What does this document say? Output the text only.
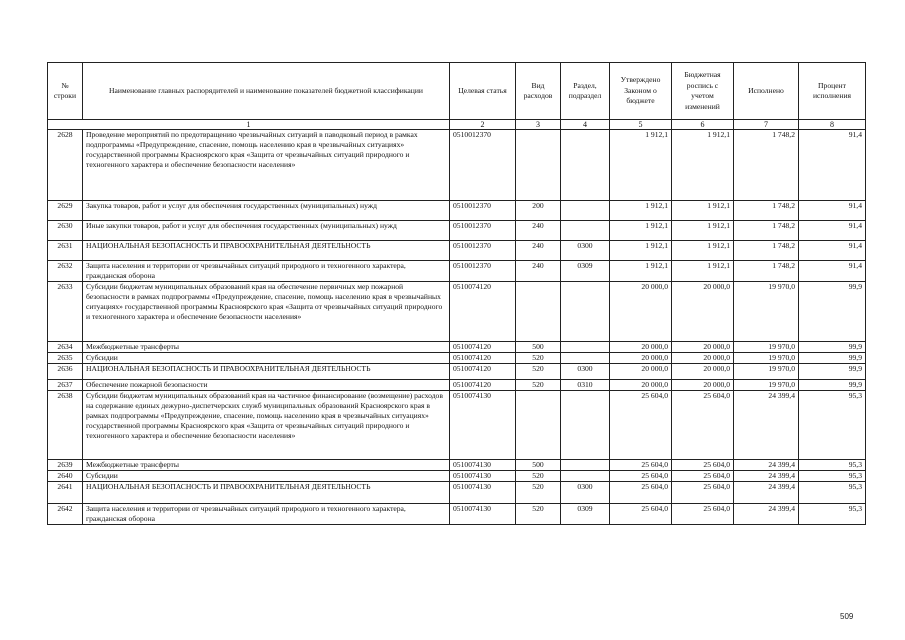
№ строки	Наименование главных распорядителей и наименование показателей бюджетной классификации	Целевая статья	Вид расходов	Раздел, подраздел	Утверждено Законом о бюджете	Бюджетная роспись с учетом изменений	Исполнено	Процент исполнения
1		2	3	4	5	6	7	8
2628	Проведение мероприятий по предотвращению чрезвычайных ситуаций в паводковый период в рамках подпрограммы «Предупреждение, спасение, помощь населению края в чрезвычайных ситуациях» государственной программы Красноярского края «Защита от чрезвычайных ситуаций природного и техногенного характера и обеспечение безопасности населения»	0510012370			1 912,1	1 912,1	1 748,2	91,4
2629	Закупка товаров, работ и услуг для обеспечения государственных (муниципальных) нужд	0510012370	200		1 912,1	1 912,1	1 748,2	91,4
2630	Иные закупки товаров, работ и услуг для обеспечения государственных (муниципальных) нужд	0510012370	240		1 912,1	1 912,1	1 748,2	91,4
2631	НАЦИОНАЛЬНАЯ БЕЗОПАСНОСТЬ И ПРАВООХРАНИТЕЛЬНАЯ ДЕЯТЕЛЬНОСТЬ	0510012370	240	0300	1 912,1	1 912,1	1 748,2	91,4
2632	Защита населения и территории от чрезвычайных ситуаций природного и техногенного характера, гражданская оборона	0510012370	240	0309	1 912,1	1 912,1	1 748,2	91,4
2633	Субсидии бюджетам муниципальных образований края на обеспечение первичных мер пожарной безопасности в рамках подпрограммы «Предупреждение, спасение, помощь населению края в чрезвычайных ситуациях» государственной программы Красноярского края «Защита от чрезвычайных ситуаций природного и техногенного характера и обеспечение безопасности населения»	0510074120			20 000,0	20 000,0	19 970,0	99,9
2634	Межбюджетные трансферты	0510074120	500		20 000,0	20 000,0	19 970,0	99,9
2635	Субсидии	0510074120	520		20 000,0	20 000,0	19 970,0	99,9
2636	НАЦИОНАЛЬНАЯ БЕЗОПАСНОСТЬ И ПРАВООХРАНИТЕЛЬНАЯ ДЕЯТЕЛЬНОСТЬ	0510074120	520	0300	20 000,0	20 000,0	19 970,0	99,9
2637	Обеспечение пожарной безопасности	0510074120	520	0310	20 000,0	20 000,0	19 970,0	99,9
2638	Субсидии бюджетам муниципальных образований края на частичное финансирование (возмещение) расходов на содержание единых дежурно-диспетчерских служб муниципальных образований Красноярского края в рамках подпрограммы «Предупреждение, спасение, помощь населению края в чрезвычайных ситуациях» государственной программы Красноярского края «Защита от чрезвычайных ситуаций природного и техногенного характера и обеспечение безопасности населения»	0510074130			25 604,0	25 604,0	24 399,4	95,3
2639	Межбюджетные трансферты	0510074130	500		25 604,0	25 604,0	24 399,4	95,3
2640	Субсидии	0510074130	520		25 604,0	25 604,0	24 399,4	95,3
2641	НАЦИОНАЛЬНАЯ БЕЗОПАСНОСТЬ И ПРАВООХРАНИТЕЛЬНАЯ ДЕЯТЕЛЬНОСТЬ	0510074130	520	0300	25 604,0	25 604,0	24 399,4	95,3
2642	Защита населения и территории от чрезвычайных ситуаций природного и техногенного характера, гражданская оборона	0510074130	520	0309	25 604,0	25 604,0	24 399,4	95,3
509
